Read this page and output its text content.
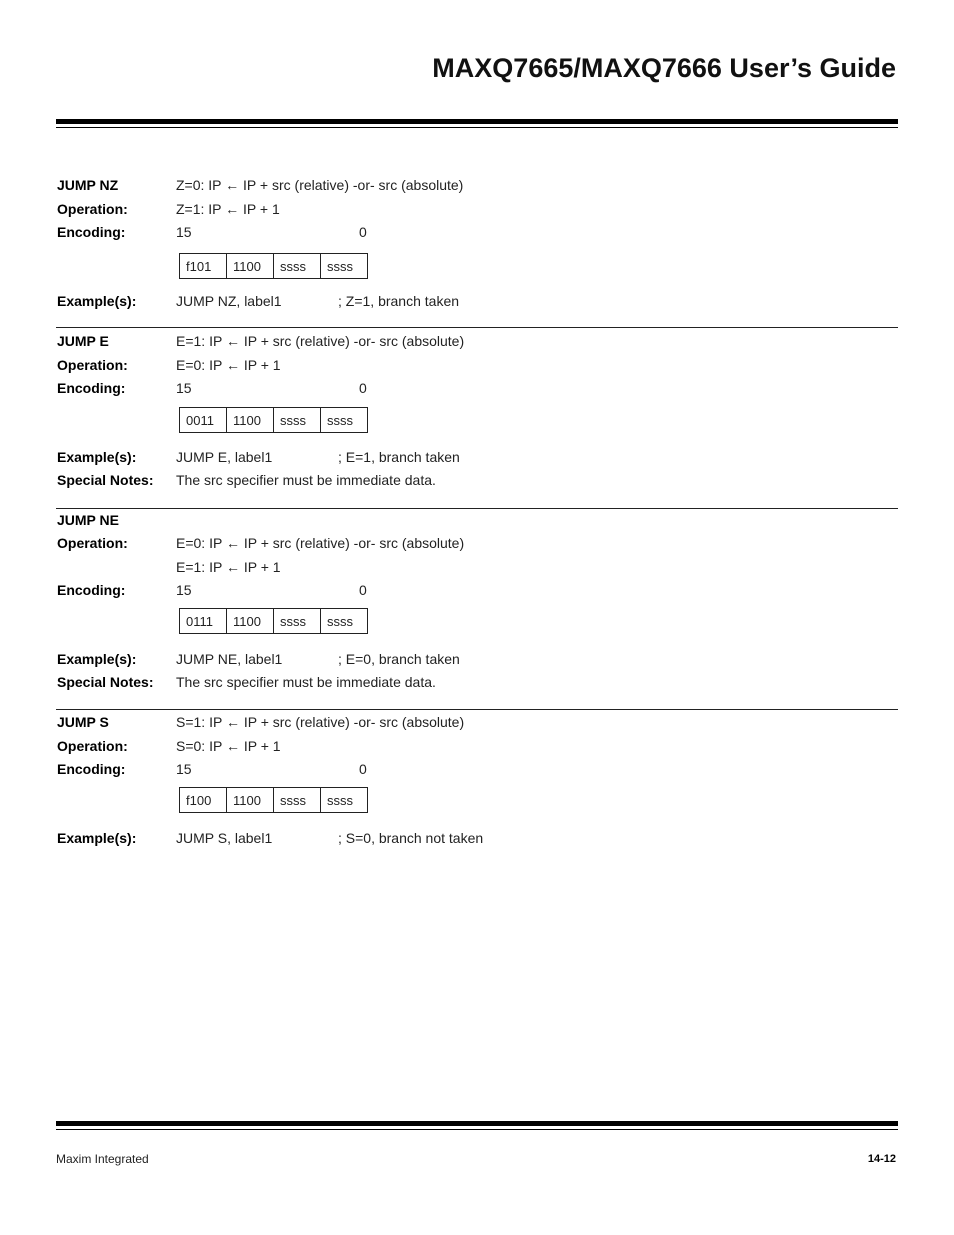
MAXQ7665/MAXQ7666 User’s Guide
JUMP NZ	Z=0: IP ← IP + src (relative) -or- src (absolute)
Operation:	Z=1: IP ← IP + 1
Encoding:	15	0
f101	1100	ssss	ssss
Example(s):	JUMP NZ, label1	; Z=1, branch taken
JUMP E	E=1: IP ← IP + src (relative) -or- src (absolute)
Operation:	E=0: IP ← IP + 1
Encoding:	15	0
0011	1100	ssss	ssss
Example(s):	JUMP E, label1	; E=1, branch taken
Special Notes: The src specifier must be immediate data.
JUMP NE
Operation:	E=0: IP ← IP + src (relative) -or- src (absolute)
E=1: IP ← IP + 1
Encoding:	15	0
0111	1100	ssss	ssss
Example(s):	JUMP NE, label1	; E=0, branch taken
Special Notes: The src specifier must be immediate data.
JUMP S	S=1: IP ← IP + src (relative) -or- src (absolute)
Operation:	S=0: IP ← IP + 1
Encoding:	15	0
f100	1100	ssss	ssss
Example(s):	JUMP S, label1	; S=0, branch not taken
Maxim Integrated	14-12
